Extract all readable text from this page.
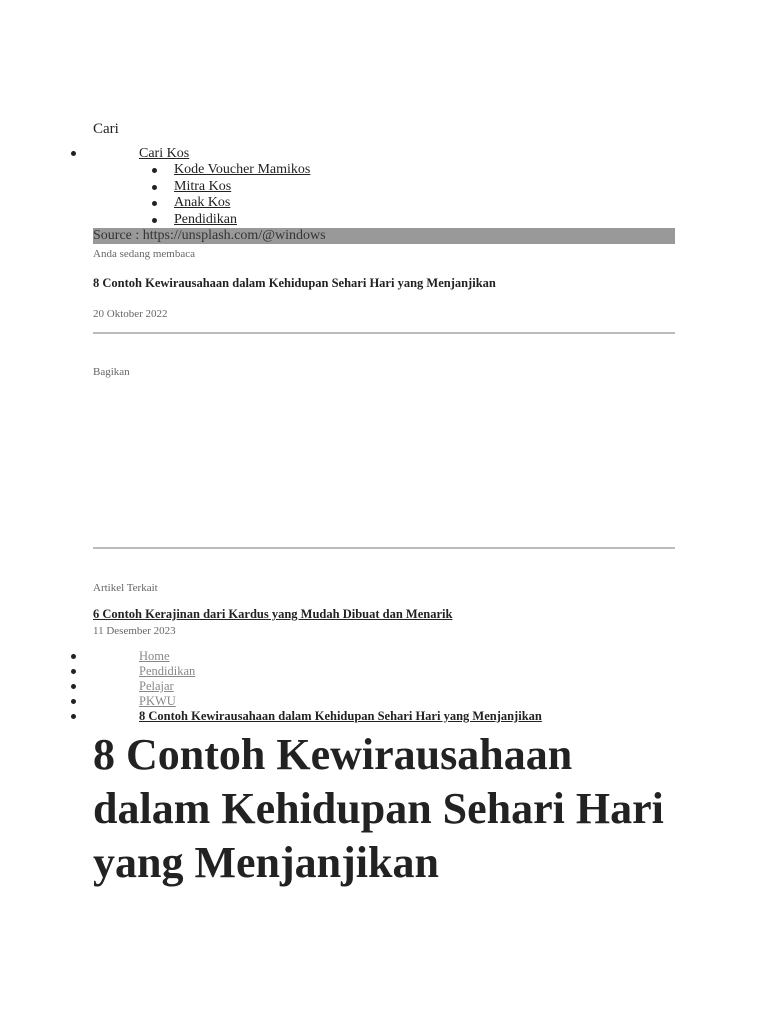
Cari
Cari Kos
Kode Voucher Mamikos
Mitra Kos
Anak Kos
Pendidikan
Source : https://unsplash.com/@windows
Anda sedang membaca
8 Contoh Kewirausahaan dalam Kehidupan Sehari Hari yang Menjanjikan
20 Oktober 2022
Bagikan
Artikel Terkait
6 Contoh Kerajinan dari Kardus yang Mudah Dibuat dan Menarik
11 Desember 2023
Home
Pendidikan
Pelajar
PKWU
8 Contoh Kewirausahaan dalam Kehidupan Sehari Hari yang Menjanjikan
8 Contoh Kewirausahaan dalam Kehidupan Sehari Hari yang Menjanjikan
